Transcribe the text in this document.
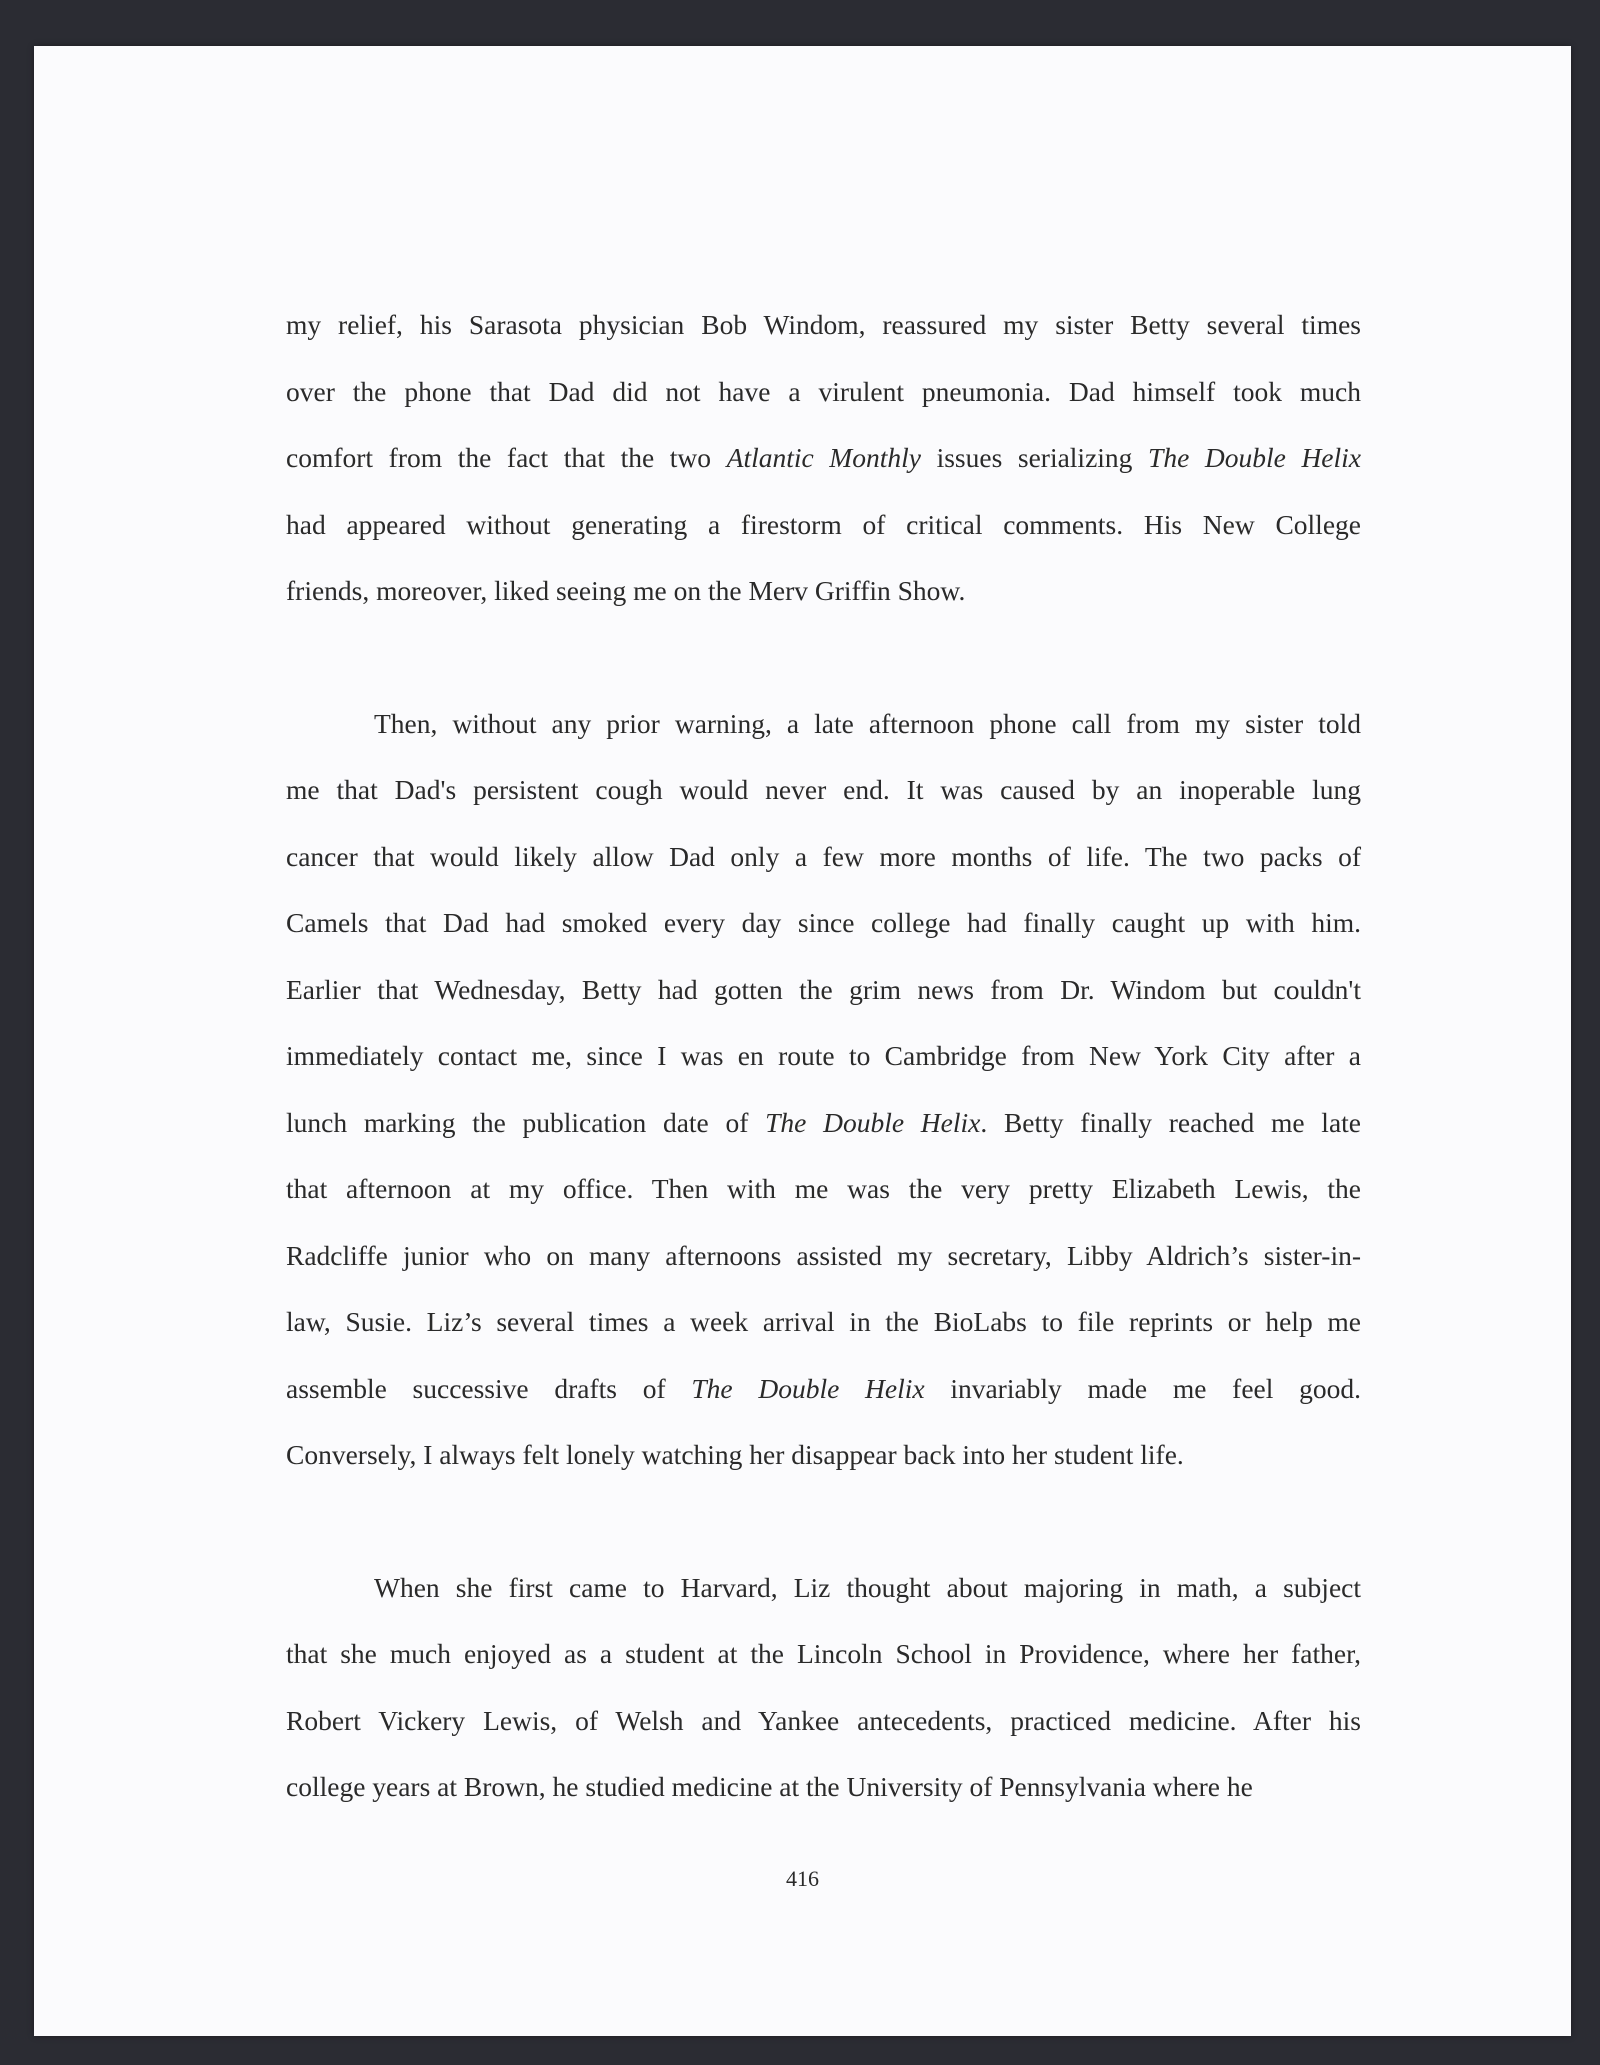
my relief, his Sarasota physician Bob Windom, reassured my sister Betty several times
over the phone that Dad did not have a virulent pneumonia. Dad himself took much
comfort from the fact that the two Atlantic Monthly issues serializing The Double Helix
had appeared without generating a firestorm of critical comments. His New College
friends, moreover, liked seeing me on the Merv Griffin Show.
Then, without any prior warning, a late afternoon phone call from my sister told
me that Dad's persistent cough would never end. It was caused by an inoperable lung
cancer that would likely allow Dad only a few more months of life. The two packs of
Camels that Dad had smoked every day since college had finally caught up with him.
Earlier that Wednesday, Betty had gotten the grim news from Dr. Windom but couldn't
immediately contact me, since I was en route to Cambridge from New York City after a
lunch marking the publication date of The Double Helix. Betty finally reached me late
that afternoon at my office. Then with me was the very pretty Elizabeth Lewis, the
Radcliffe junior who on many afternoons assisted my secretary, Libby Aldrich’s sister-in-
law, Susie. Liz’s several times a week arrival in the BioLabs to file reprints or help me
assemble successive drafts of The Double Helix invariably made me feel good.
Conversely, I always felt lonely watching her disappear back into her student life.
When she first came to Harvard, Liz thought about majoring in math, a subject
that she much enjoyed as a student at the Lincoln School in Providence, where her father,
Robert Vickery Lewis, of Welsh and Yankee antecedents, practiced medicine. After his
college years at Brown, he studied medicine at the University of Pennsylvania where he
416
